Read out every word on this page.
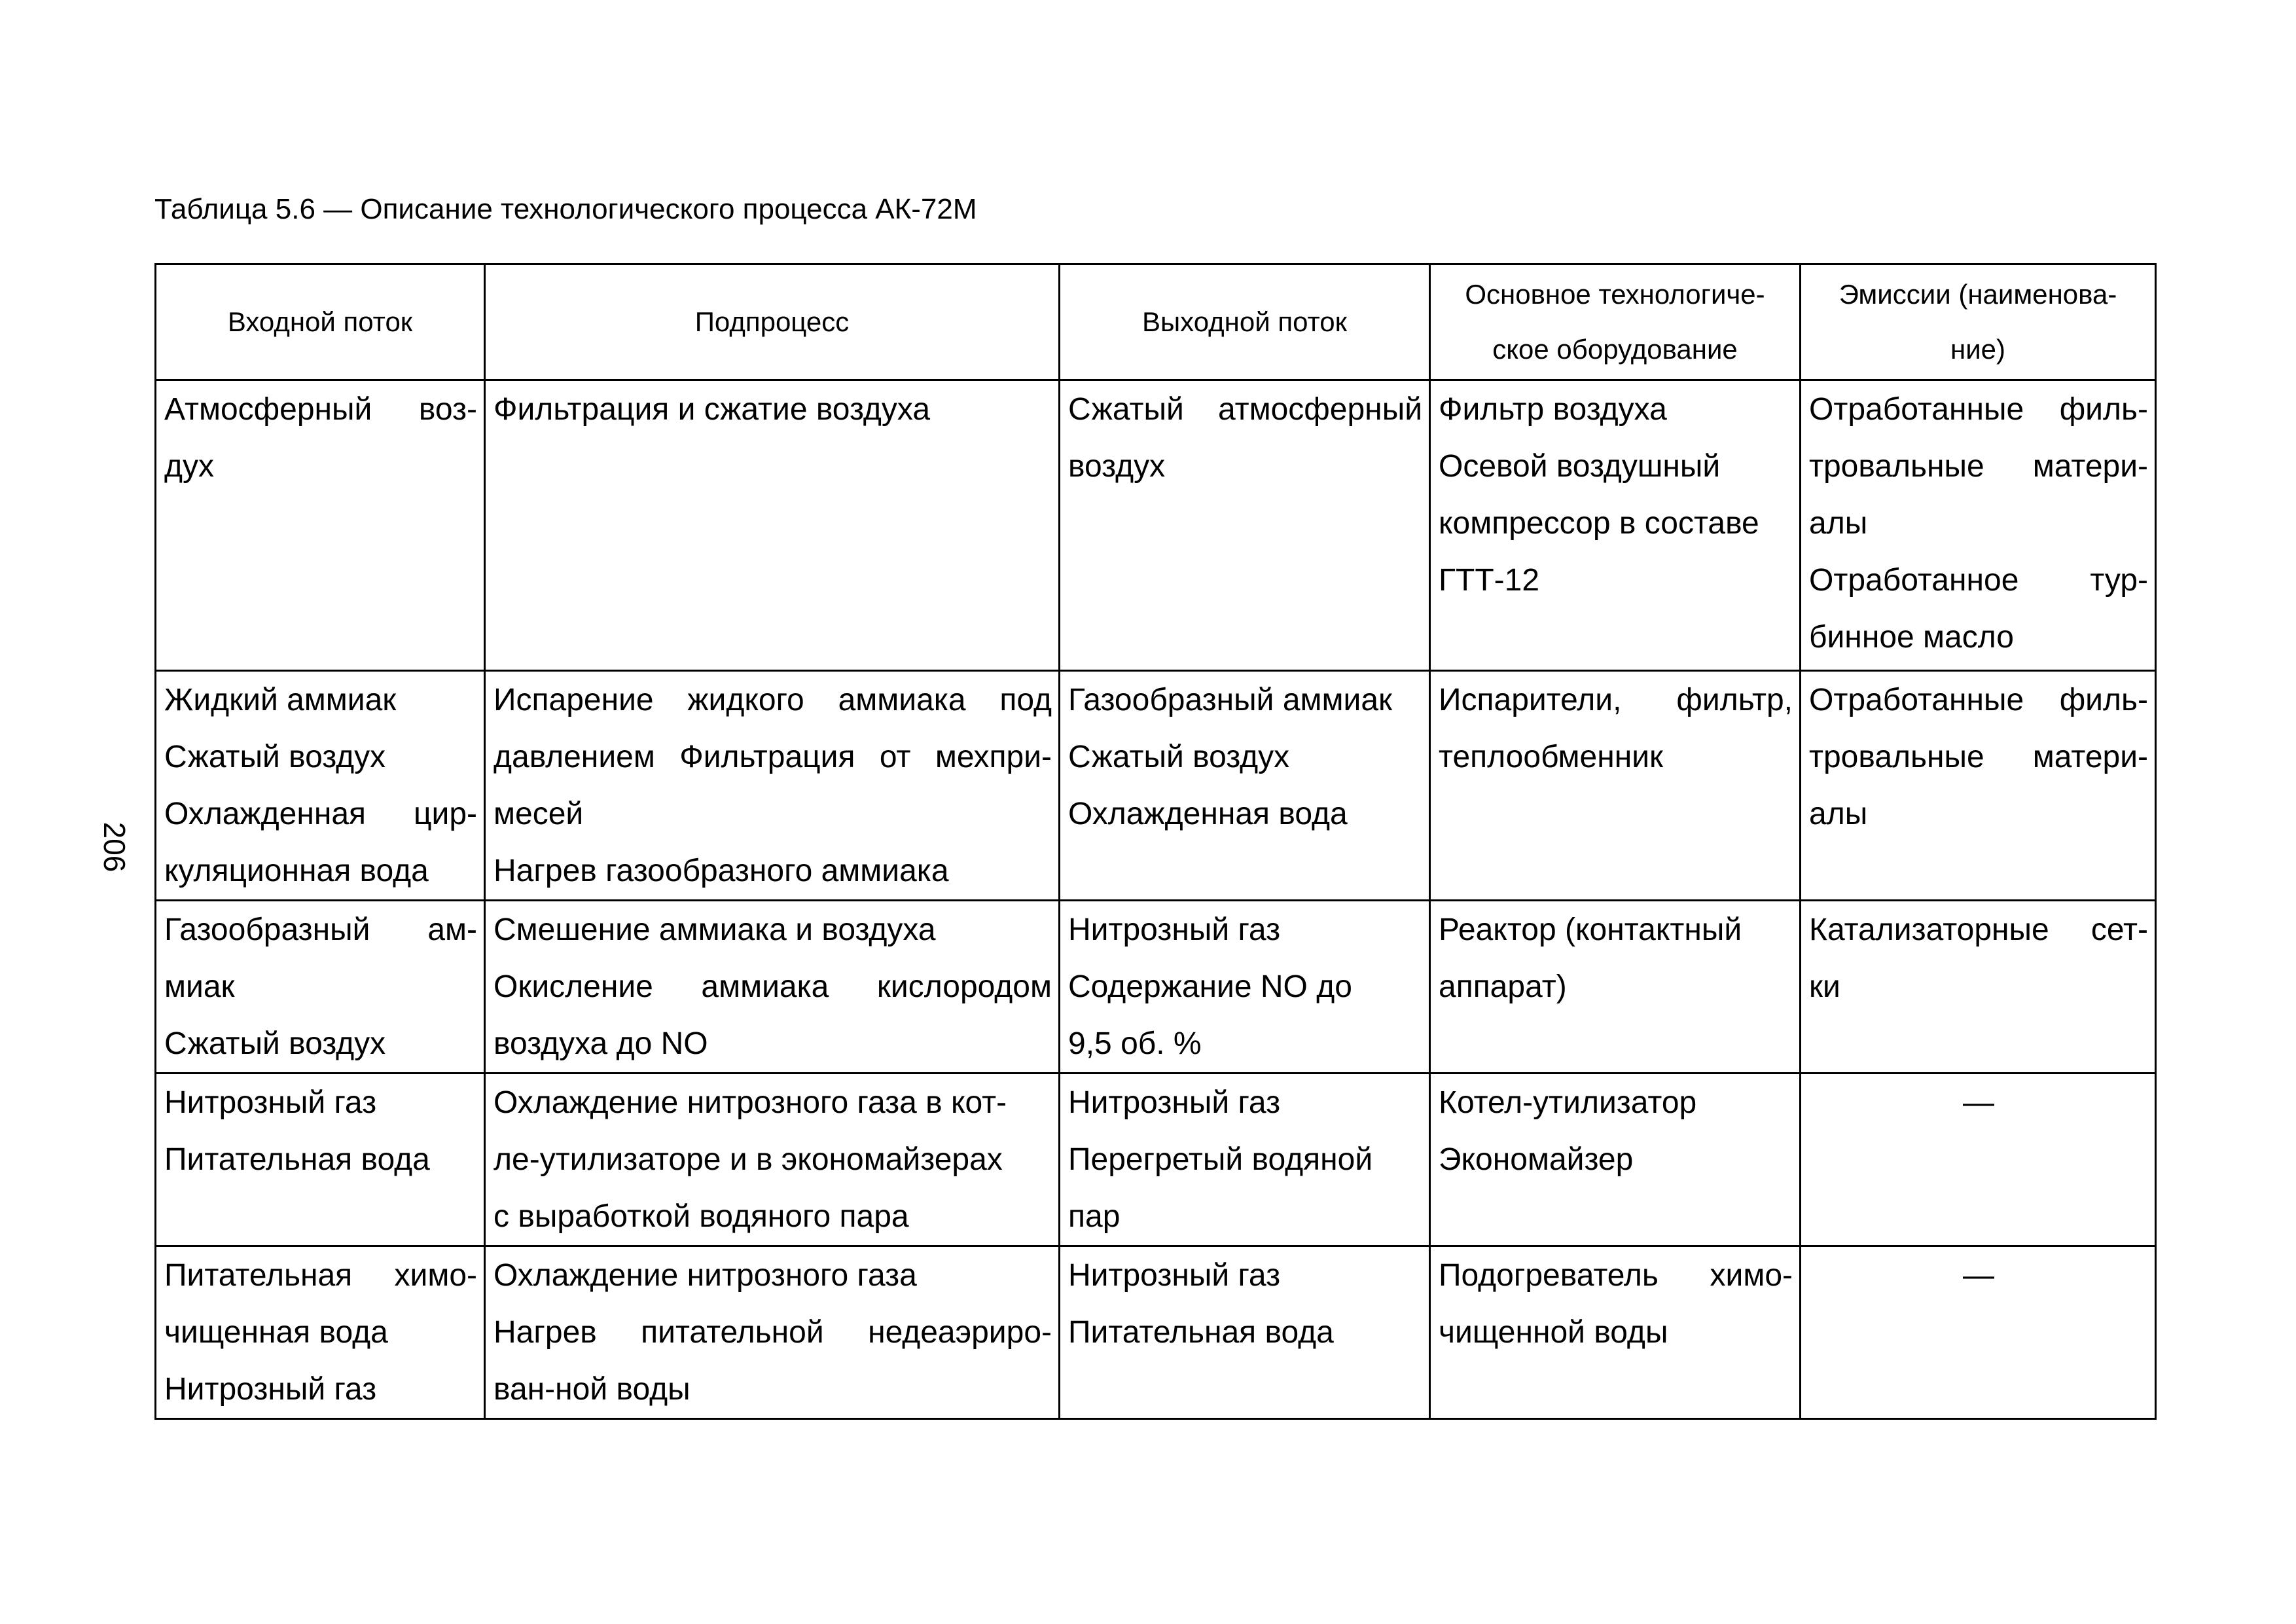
Таблица 5.6 — Описание технологического процесса АК-72М
206
Входной поток	Подпроцесс	Выходной поток	Основное технологиче-
ское оборудование	Эмиссии (наименова-
ние)

Атмосферный воз-
дух	Фильтрация и сжатие воздуха	Сжатый атмосферный
воздух	Фильтр воздуха
Осевой воздушный
компрессор в составе
ГТТ-12	Отработанные филь-
тровальные матери-
алы
Отработанное тур-
бинное масло

Жидкий аммиак
Сжатый воздух
Охлажденная цир-
куляционная вода	Испарение жидкого аммиака под
давлением Фильтрация от мехпри-
месей
Нагрев газообразного аммиака	Газообразный аммиак
Сжатый воздух
Охлажденная вода	Испарители, фильтр,
теплообменник	Отработанные филь-
тровальные матери-
алы

Газообразный ам-
миак
Сжатый воздух	Смешение аммиака и воздуха
Окисление аммиака кислородом
воздуха до NO	Нитрозный газ
Содержание NO до
9,5 об. %	Реактор (контактный
аппарат)	Катализаторные сет-
ки

Нитрозный газ
Питательная вода	Охлаждение нитрозного газа в кот-
ле-утилизаторе и в экономайзерах
с выработкой водяного пара	Нитрозный газ
Перегретый водяной
пар	Котел-утилизатор
Экономайзер	—

Питательная химо-
чищенная вода
Нитрозный газ	Охлаждение нитрозного газа
Нагрев питательной недеаэриро-
ван-ной воды	Нитрозный газ
Питательная вода	Подогреватель химо-
чищенной воды	—
